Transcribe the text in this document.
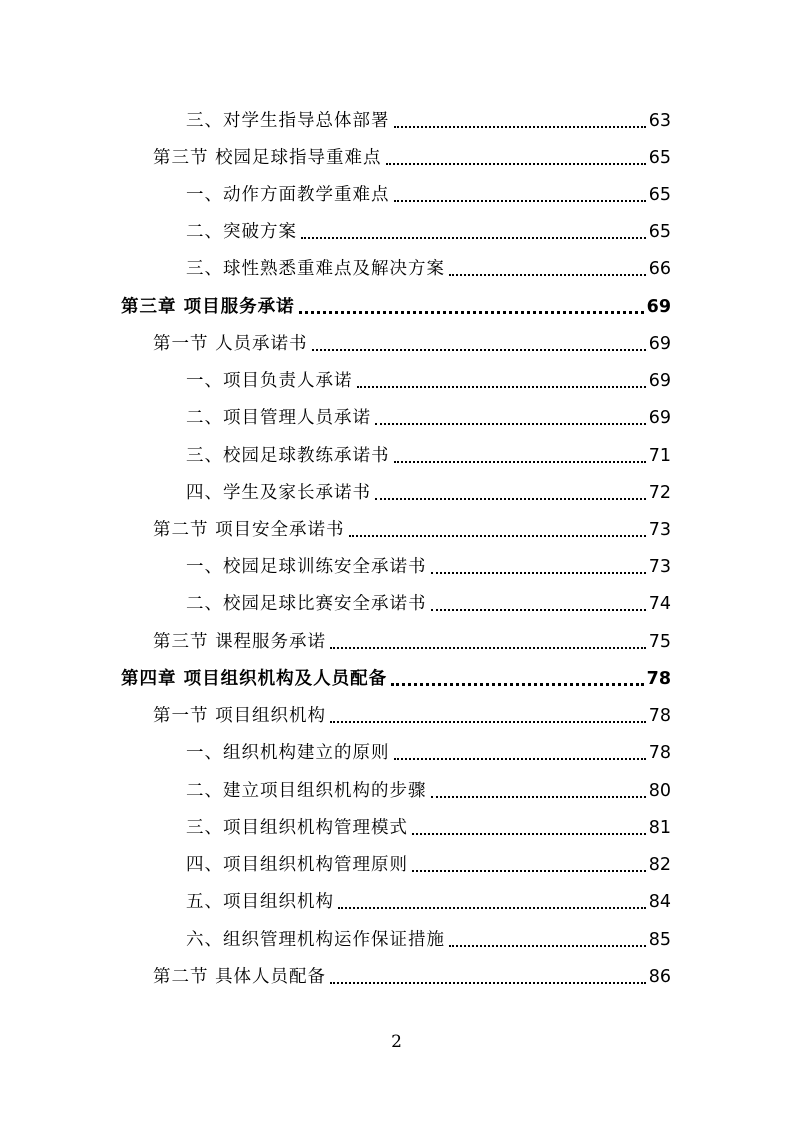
三、对学生指导总体部署	63
第三节 校园足球指导重难点	65
一、动作方面教学重难点	65
二、突破方案	65
三、球性熟悉重难点及解决方案	66
第三章 项目服务承诺	69
第一节 人员承诺书	69
一、项目负责人承诺	69
二、项目管理人员承诺	69
三、校园足球教练承诺书	71
四、学生及家长承诺书	72
第二节 项目安全承诺书	73
一、校园足球训练安全承诺书	73
二、校园足球比赛安全承诺书	74
第三节 课程服务承诺	75
第四章 项目组织机构及人员配备	78
第一节 项目组织机构	78
一、组织机构建立的原则	78
二、建立项目组织机构的步骤	80
三、项目组织机构管理模式	81
四、项目组织机构管理原则	82
五、项目组织机构	84
六、组织管理机构运作保证措施	85
第二节 具体人员配备	86
2
